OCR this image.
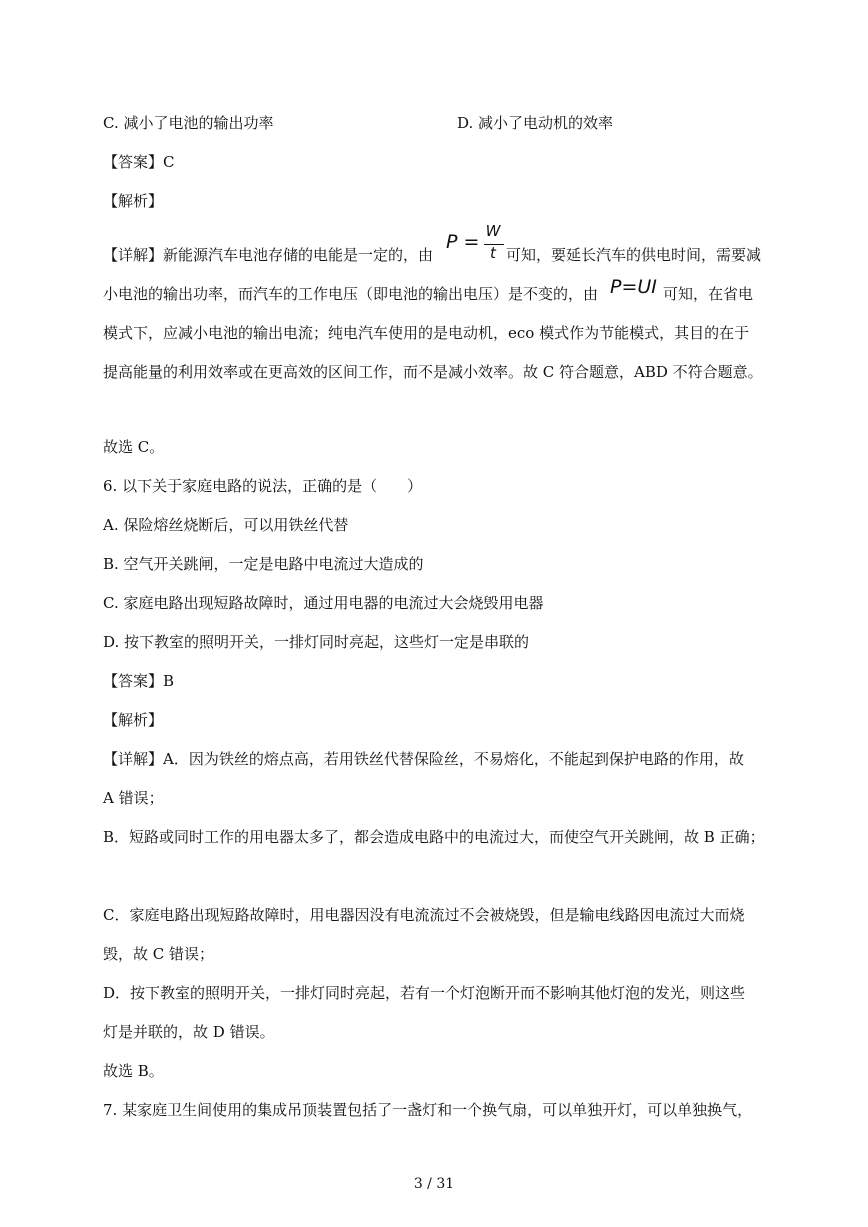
C. 减小了电池的输出功率	D. 减小了电动机的效率
【答案】C
【解析】
【详解】新能源汽车电池存储的电能是一定的，由
P = W
t 可知，要延长汽车的供电时间，需要减
小电池的输出功率，而汽车的工作电压（即电池的输出电压）是不变的，由 P=UI 可知，在省电
模式下，应减小电池的输出电流；纯电汽车使用的是电动机，eco 模式作为节能模式，其目的在于
提高能量的利用效率或在更高效的区间工作，而不是减小效率。故 C 符合题意，ABD 不符合题意。
故选 C。
6. 以下关于家庭电路的说法，正确的是（　　）
A. 保险熔丝烧断后，可以用铁丝代替
B. 空气开关跳闸，一定是电路中电流过大造成的
C. 家庭电路出现短路故障时，通过用电器的电流过大会烧毁用电器
D. 按下教室的照明开关，一排灯同时亮起，这些灯一定是串联的
【答案】B
【解析】
【详解】A．因为铁丝的熔点高，若用铁丝代替保险丝，不易熔化，不能起到保护电路的作用，故
A 错误；
B．短路或同时工作的用电器太多了，都会造成电路中的电流过大，而使空气开关跳闸，故 B 正确；
C．家庭电路出现短路故障时，用电器因没有电流流过不会被烧毁，但是输电线路因电流过大而烧
毁，故 C 错误；
D．按下教室的照明开关，一排灯同时亮起，若有一个灯泡断开而不影响其他灯泡的发光，则这些
灯是并联的，故 D 错误。
故选 B。
7. 某家庭卫生间使用的集成吊顶装置包括了一盏灯和一个换气扇，可以单独开灯，可以单独换气，
3 / 31
